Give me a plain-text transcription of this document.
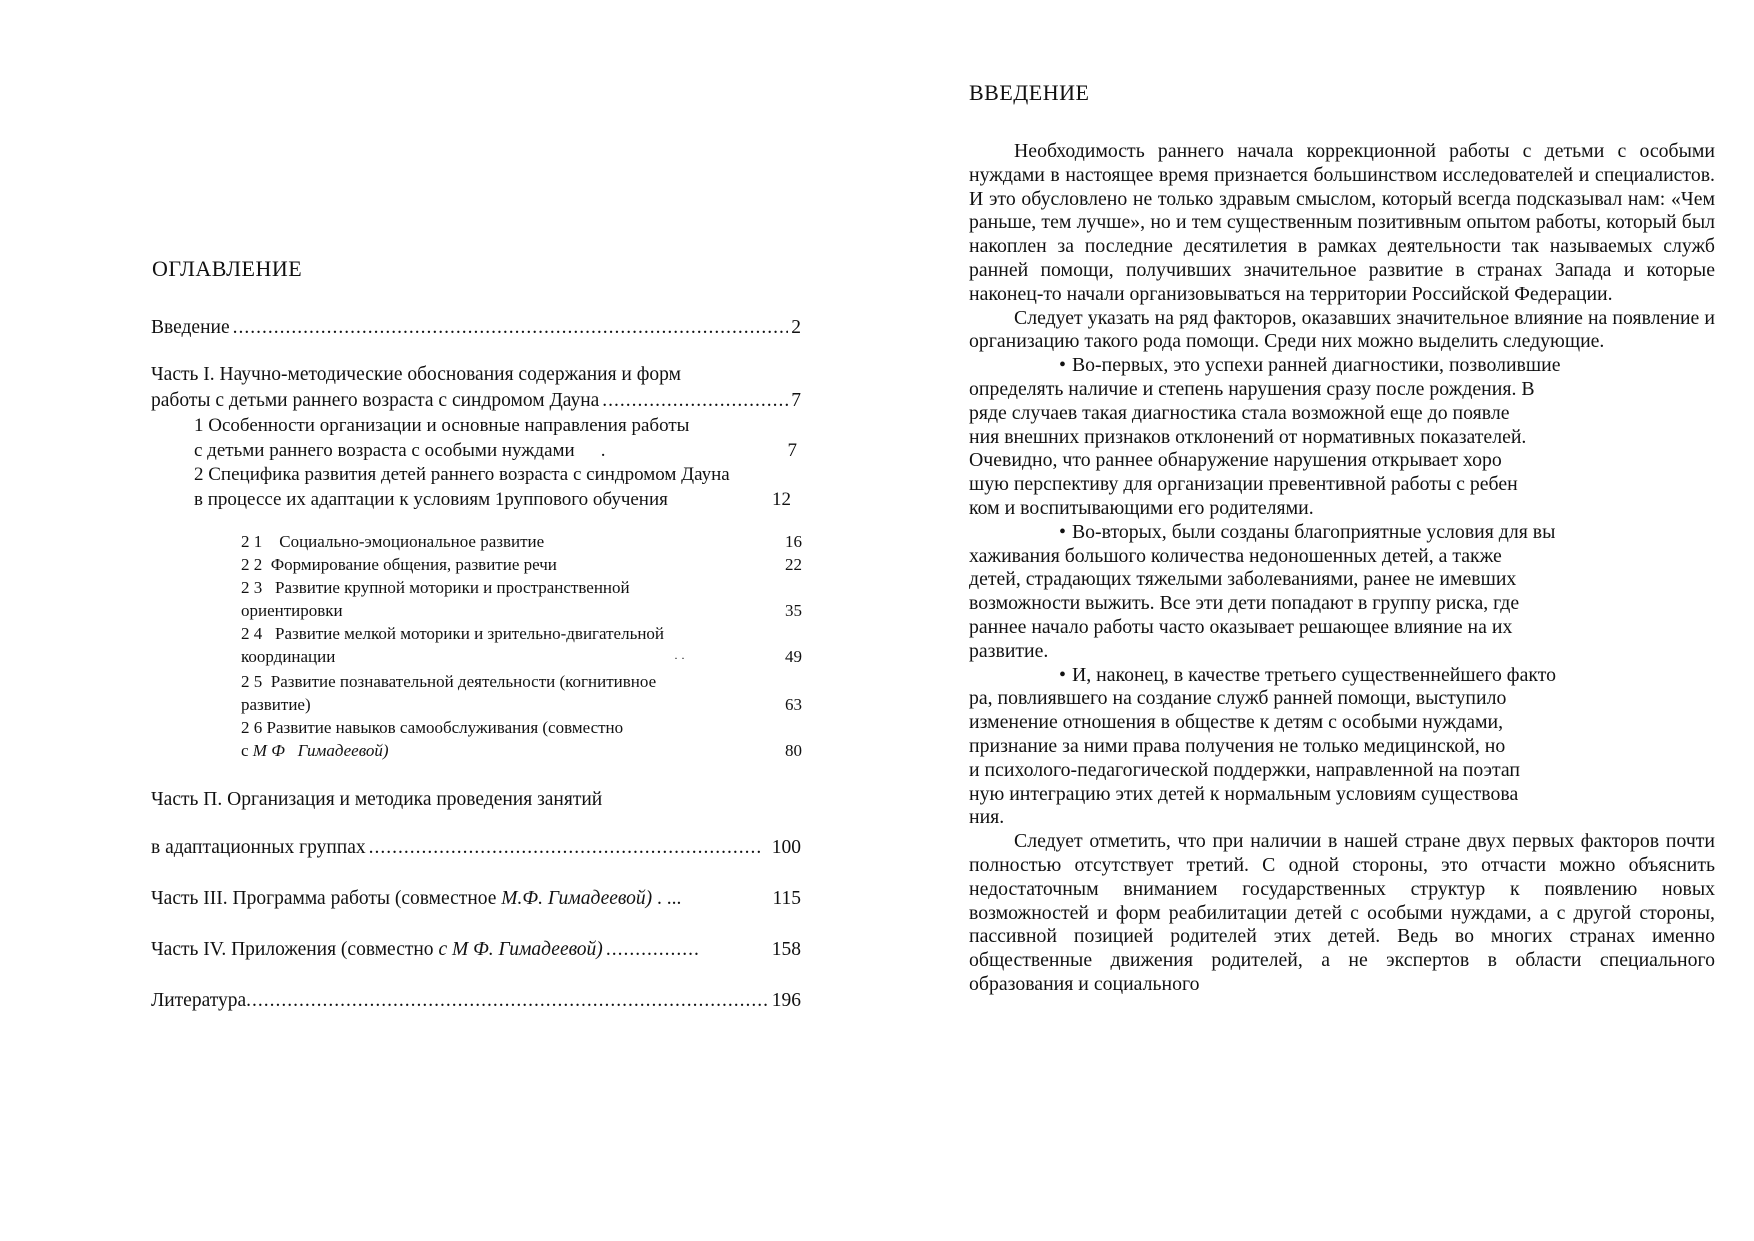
ОГЛАВЛЕНИЕ
Введение .....	2
Часть I. Научно-методические обоснования содержания и форм
работы с детьми раннего возраста с синдромом Дауна .....	7
1 Особенности организации и основные направления работы
с детьми раннего возраста с особыми нуждами .	7
2 Специфика развития детей раннего возраста с синдромом Дауна
в процессе их адаптации к условиям 1руппового обучения	12
2 1    Социально-эмоциональное развитие	16
2 2  Формирование общения, развитие речи	22
2 3   Развитие крупной моторики и пространственной
ориентировки	35
2 4   Развитие мелкой моторики и зрительно-двигательной
координации	· ·	49
2 5  Развитие познавательной деятельности (когнитивное
развитие)	63
2 6 Развитие навыков самообслуживания (совместно
с М Ф   Гимадеевой)	80
Часть П. Организация и методика проведения занятий
в адаптационных группах .....	100
Часть III. Программа работы (совместное М.Ф. Гимадеевой) . ...	115
Часть IV. Приложения (совместно с М Ф. Гимадеевой) .....	158
Литература .....	196
ВВЕДЕНИЕ

Необходимость раннего начала коррекционной работы с детьми с особыми нуждами в настоящее время признается большинством исследователей и специалистов. И это обусловлено не только здравым смыслом, который всегда подсказывал нам: «Чем раньше, тем лучше», но и тем существенным позитивным опытом работы, который был накоплен за последние десятилетия в рамках деятельности так называемых служб ранней помощи, получивших значительное развитие в странах Запада и которые наконец-то начали организовываться на территории Российской Федерации.

Следует указать на ряд факторов, оказавших значительное влияние на появление и организацию такого рода помощи. Среди них можно выделить следующие.

• Во-первых, это успехи ранней диагностики, позволившие
определять наличие и степень нарушения сразу после рождения. В
ряде случаев такая диагностика стала возможной еще до появле
ния внешних признаков отклонений от нормативных показателей.
Очевидно, что раннее обнаружение нарушения открывает хоро
шую перспективу для организации превентивной работы с ребен
ком и воспитывающими его родителями.
• Во-вторых, были созданы благоприятные условия для вы
хаживания большого количества недоношенных детей, а также
детей, страдающих тяжелыми заболеваниями, ранее не имевших
возможности выжить. Все эти дети попадают в группу риска, где
раннее начало работы часто оказывает решающее влияние на их
развитие.
• И, наконец, в качестве третьего существеннейшего факто
ра, повлиявшего на создание служб ранней помощи, выступило
изменение отношения в обществе к детям с особыми нуждами,
признание за ними права получения не только медицинской, но
и психолого-педагогической поддержки, направленной на поэтап
ную интеграцию этих детей к нормальным условиям существова
ния.

Следует отметить, что при наличии в нашей стране двух первых факторов почти полностью отсутствует третий. С одной стороны, это отчасти можно объяснить недостаточным вниманием государственных структур к появлению новых возможностей и форм реабилитации детей с особыми нуждами, а с другой стороны, пассивной позицией родителей этих детей. Ведь во многих странах именно общественные движения родителей, а не экспертов в области специального образования и социального
